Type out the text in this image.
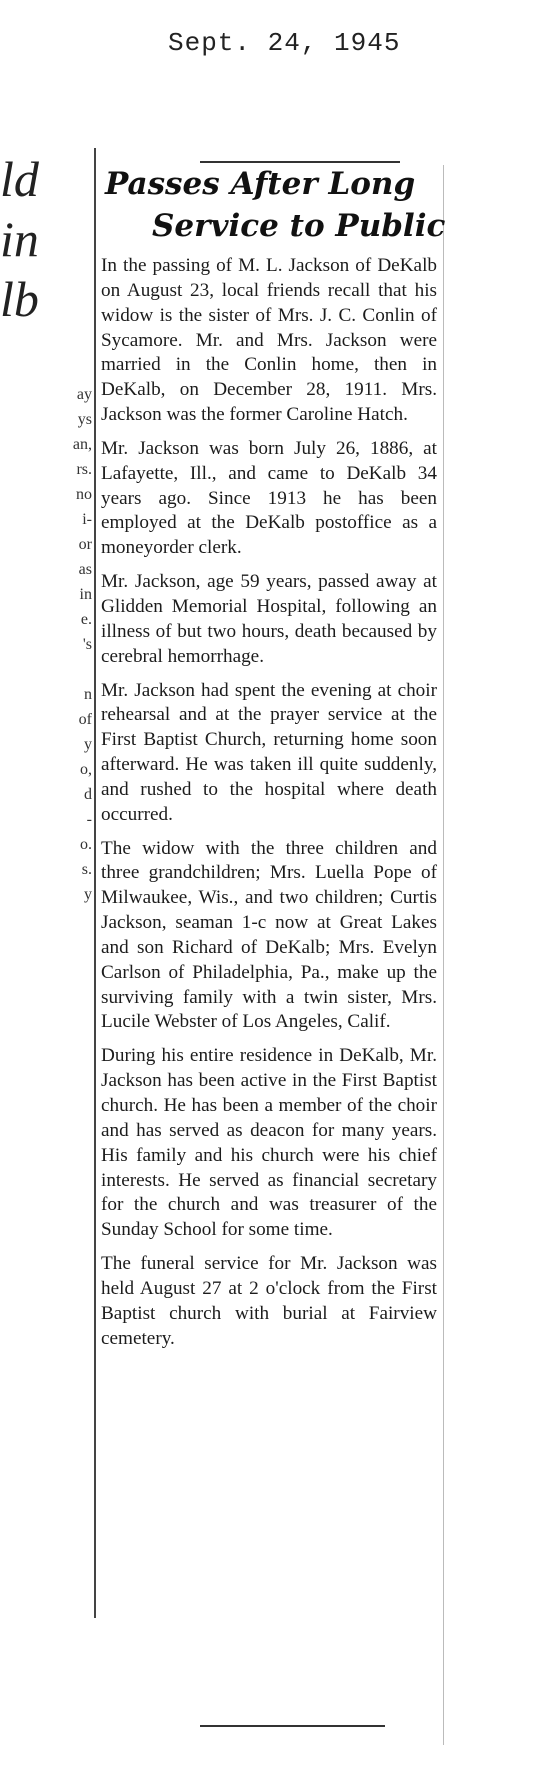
Sept. 24, 1945
ld
in
lb
ay
ys
an,
rs.
no
i-
or
as
in
e.
's
n
of
y
o,
d
-
o.
s.
y
Passes After Long
Service to Public

In the passing of M. L. Jackson of DeKalb on August 23, local friends recall that his widow is the sister of Mrs. J. C. Conlin of Sycamore. Mr. and Mrs. Jackson were married in the Conlin home, then in DeKalb, on December 28, 1911. Mrs. Jackson was the former Caroline Hatch.

Mr. Jackson was born July 26, 1886, at Lafayette, Ill., and came to DeKalb 34 years ago. Since 1913 he has been employed at the DeKalb postoffice as a moneyorder clerk.

Mr. Jackson, age 59 years, passed away at Glidden Memorial Hospital, following an illness of but two hours, death becaused by cerebral hemorrhage.

Mr. Jackson had spent the evening at choir rehearsal and at the prayer service at the First Baptist Church, returning home soon afterward. He was taken ill quite suddenly, and rushed to the hospital where death occurred.

The widow with the three children and three grandchildren; Mrs. Luella Pope of Milwaukee, Wis., and two children; Curtis Jackson, seaman 1-c now at Great Lakes and son Richard of DeKalb; Mrs. Evelyn Carlson of Philadelphia, Pa., make up the surviving family with a twin sister, Mrs. Lucile Webster of Los Angeles, Calif.

During his entire residence in DeKalb, Mr. Jackson has been active in the First Baptist church. He has been a member of the choir and has served as deacon for many years. His family and his church were his chief interests. He served as financial secretary for the church and was treasurer of the Sunday School for some time.

The funeral service for Mr. Jackson was held August 27 at 2 o'clock from the First Baptist church with burial at Fairview cemetery.
